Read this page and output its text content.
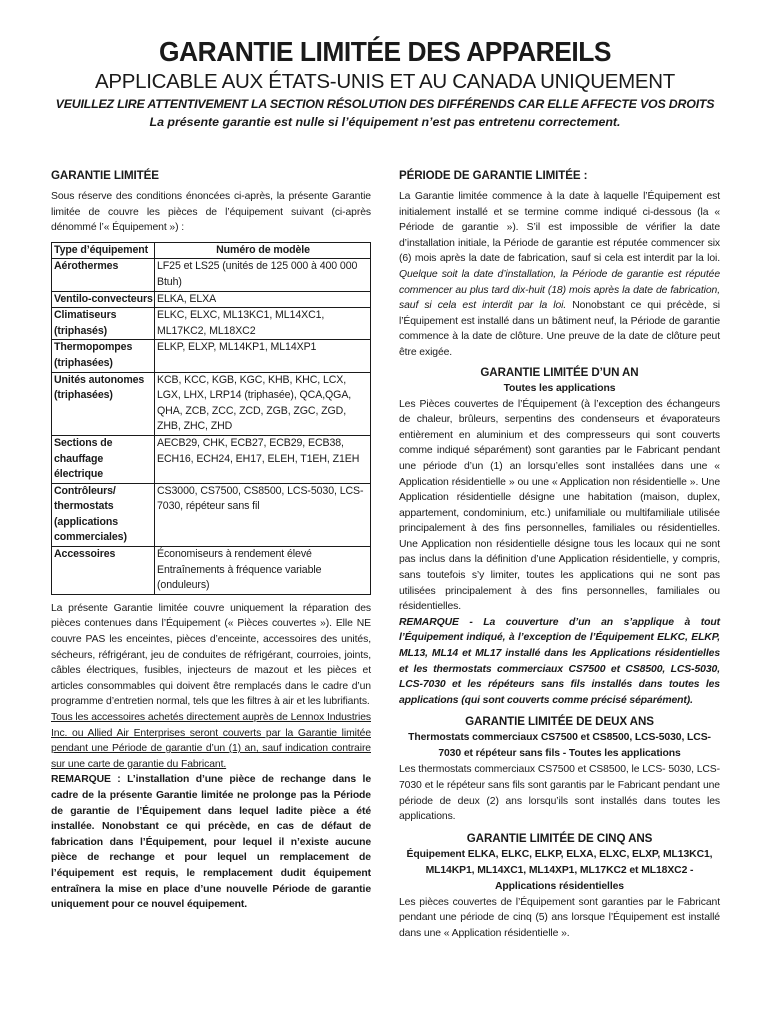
GARANTIE LIMITÉE DES APPAREILS
APPLICABLE AUX ÉTATS-UNIS ET AU CANADA UNIQUEMENT
VEUILLEZ LIRE ATTENTIVEMENT LA SECTION RÉSOLUTION DES DIFFÉRENDS CAR ELLE AFFECTE VOS DROITS
La présente garantie est nulle si l’équipement n’est pas entretenu correctement.
GARANTIE LIMITÉE

Sous réserve des conditions énoncées ci-après, la présente Garantie limitée de couvre les pièces de l’équipement suivant (ci-après dénommé l’« Équipement ») :

Type d’équipement	Numéro de modèle
Aérothermes	LF25 et LS25 (unités de 125 000 à 400 000 Btuh)
Ventilo-convecteurs	ELKA, ELXA
Climatiseurs (triphasés)	ELKC, ELXC, ML13KC1, ML14XC1, ML17KC2, ML18XC2
Thermopompes (triphasées)	ELKP, ELXP, ML14KP1, ML14XP1
Unités autonomes (triphasées)	KCB, KCC, KGB, KGC, KHB, KHC, LCX, LGX, LHX, LRP14 (triphasée), QCA,QGA, QHA, ZCB, ZCC, ZCD, ZGB, ZGC, ZGD, ZHB, ZHC, ZHD
Sections de chauffage électrique	AECB29, CHK, ECB27, ECB29, ECB38, ECH16, ECH24, EH17, ELEH, T1EH, Z1EH
Contrôleurs/ thermostats (applications commerciales)	CS3000, CS7500, CS8500, LCS-5030, LCS-7030, répéteur sans fil
Accessoires	Économiseurs à rendement élevé Entraînements à fréquence variable (onduleurs)

La présente Garantie limitée couvre uniquement la réparation des pièces contenues dans l’Équipement (« Pièces couvertes »). Elle NE couvre PAS les enceintes, pièces d’enceinte, accessoires des unités, sécheurs, réfrigérant, jeu de conduites de réfrigérant, courroies, joints, câbles électriques, fusibles, injecteurs de mazout et les pièces et articles consommables qui doivent être remplacés dans le cadre d’un programme d’entretien normal, tels que les filtres à air et les lubrifiants.

Tous les accessoires achetés directement auprès de Lennox Industries Inc. ou Allied Air Enterprises seront couverts par la Garantie limitée pendant une Période de garantie d’un (1) an, sauf indication contraire sur une carte de garantie du Fabricant.

REMARQUE : L’installation d’une pièce de rechange dans le cadre de la présente Garantie limitée ne prolonge pas la Période de garantie de l’Équipement dans lequel ladite pièce a été installée. Nonobstant ce qui précède, en cas de défaut de fabrication dans l’Équipement, pour lequel il n’existe aucune pièce de rechange et pour lequel un remplacement de l’équipement est requis, le remplacement dudit équipement entraînera la mise en place d’une nouvelle Période de garantie uniquement pour ce nouvel équipement.

PÉRIODE DE GARANTIE LIMITÉE :

La Garantie limitée commence à la date à laquelle l’Équipement est initialement installé et se termine comme indiqué ci-dessous (la « Période de garantie »). S’il est impossible de vérifier la date d’installation initiale, la Période de garantie est réputée commencer six (6) mois après la date de fabrication, sauf si cela est interdit par la loi. Quelque soit la date d’installation, la Période de garantie est réputée commencer au plus tard dix-huit (18) mois après la date de fabrication, sauf si cela est interdit par la loi. Nonobstant ce qui précède, si l’Équipement est installé dans un bâtiment neuf, la Période de garantie commence à la date de clôture. Une preuve de la date de clôture peut être exigée.

GARANTIE LIMITÉE D’UN AN
Toutes les applications

Les Pièces couvertes de l’Équipement (à l’exception des échangeurs de chaleur, brûleurs, serpentins des condenseurs et évaporateurs entièrement en aluminium et des compresseurs qui sont couverts comme indiqué séparément) sont garanties par le Fabricant pendant une période d’un (1) an lorsqu’elles sont installées dans une « Application résidentielle » ou une « Application non résidentielle ». Une Application résidentielle désigne une habitation (maison, duplex, appartement, condominium, etc.) unifamiliale ou multifamiliale utilisée principalement à des fins personnelles, familiales ou résidentielles. Une Application non résidentielle désigne tous les locaux qui ne sont pas inclus dans la définition d’une Application résidentielle, y compris, sans toutefois s’y limiter, toutes les applications qui ne sont pas utilisées principalement à des fins personnelles, familiales ou résidentielles.

REMARQUE - La couverture d’un an s’applique à tout l’Équipement indiqué, à l’exception de l’Équipement ELKC, ELKP, ML13, ML14 et ML17 installé dans les Applications résidentielles et les thermostats commerciaux CS7500 et CS8500, LCS-5030, LCS-7030 et les répéteurs sans fils installés dans toutes les applications (qui sont couverts comme précisé séparément).

GARANTIE LIMITÉE DE DEUX ANS
Thermostats commerciaux CS7500 et CS8500, LCS-5030, LCS-7030 et répéteur sans fils - Toutes les applications

Les thermostats commerciaux CS7500 et CS8500, le LCS- 5030, LCS-7030 et le répéteur sans fils sont garantis par le Fabricant pendant une période de deux (2) ans lorsqu’ils sont installés dans toutes les applications.

GARANTIE LIMITÉE DE CINQ ANS
Équipement ELKA, ELKC, ELKP, ELXA, ELXC, ELXP, ML13KC1, ML14KP1, ML14XC1, ML14XP1, ML17KC2 et ML18XC2 - Applications résidentielles

Les pièces couvertes de l’Équipement sont garanties par le Fabricant pendant une période de cinq (5) ans lorsque l’Équipement est installé dans une « Application résidentielle ».
